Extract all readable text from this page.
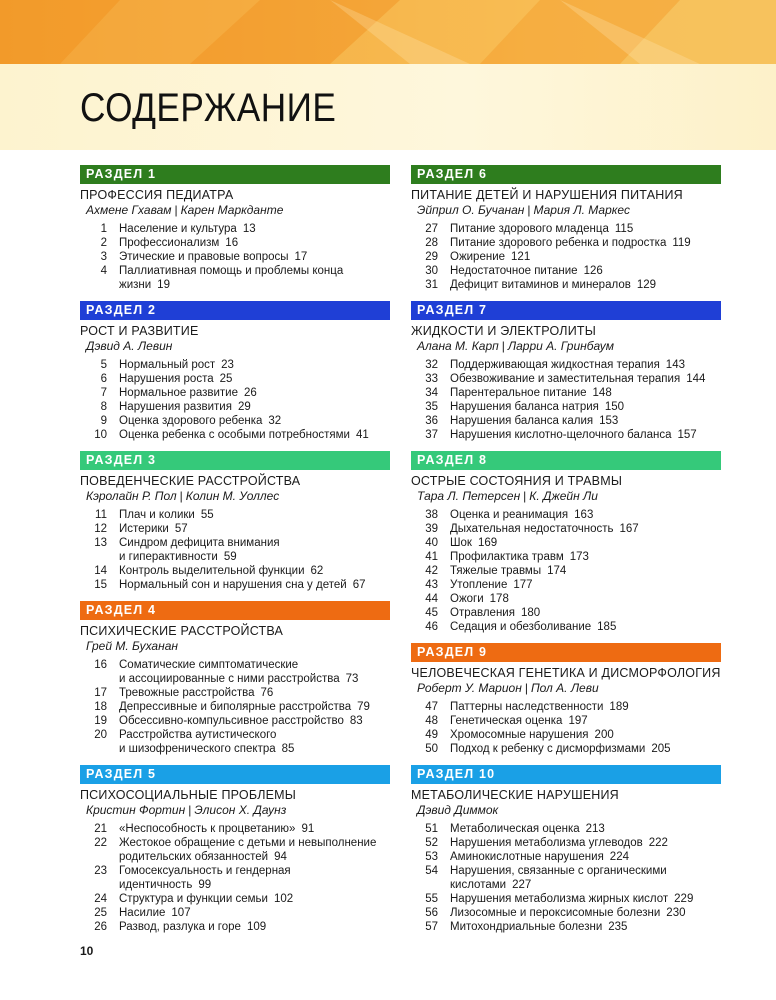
СОДЕРЖАНИЕ
РАЗДЕЛ 1
ПРОФЕССИЯ ПЕДИАТРА
Ахмене Гхавам | Карен Маркданте
1	Население и культура 13
2	Профессионализм 16
3	Этические и правовые вопросы 17
4	Паллиативная помощь и проблемы конца
жизни 19
РАЗДЕЛ 2
РОСТ И РАЗВИТИЕ
Дэвид А. Левин
5	Нормальный рост 23
6	Нарушения роста 25
7	Нормальное развитие 26
8	Нарушения развития 29
9	Оценка здорового ребенка 32
10	Оценка ребенка с особыми потребностями 41
РАЗДЕЛ 3
ПОВЕДЕНЧЕСКИЕ РАССТРОЙСТВА
Кэролайн Р. Пол | Колин М. Уоллес
11	Плач и колики 55
12	Истерики 57
13	Синдром дефицита внимания
и гиперактивности 59
14	Контроль выделительной функции 62
15	Нормальный сон и нарушения сна у детей 67
РАЗДЕЛ 4
ПСИХИЧЕСКИЕ РАССТРОЙСТВА
Грей М. Буханан
16	Соматические симптоматические
и ассоциированные с ними расстройства 73
17	Тревожные расстройства 76
18	Депрессивные и биполярные расстройства 79
19	Обсессивно-компульсивное расстройство 83
20	Расстройства аутистического
и шизофренического спектра 85
РАЗДЕЛ 5
ПСИХОСОЦИАЛЬНЫЕ ПРОБЛЕМЫ
Кристин Фортин | Элисон Х. Даунз
21	«Неспособность к процветанию» 91
22	Жестокое обращение с детьми и невыполнение
родительских обязанностей 94
23	Гомосексуальность и гендерная
идентичность 99
24	Структура и функции семьи 102
25	Насилие 107
26	Развод, разлука и горе 109
РАЗДЕЛ 6
ПИТАНИЕ ДЕТЕЙ И НАРУШЕНИЯ ПИТАНИЯ
Эйприл О. Бучанан | Мария Л. Маркес
27	Питание здорового младенца 115
28	Питание здорового ребенка и подростка 119
29	Ожирение 121
30	Недостаточное питание 126
31	Дефицит витаминов и минералов 129
РАЗДЕЛ 7
ЖИДКОСТИ И ЭЛЕКТРОЛИТЫ
Алана М. Карп | Ларри А. Гринбаум
32	Поддерживающая жидкостная терапия 143
33	Обезвоживание и заместительная терапия 144
34	Парентеральное питание 148
35	Нарушения баланса натрия 150
36	Нарушения баланса калия 153
37	Нарушения кислотно-щелочного баланса 157
РАЗДЕЛ 8
ОСТРЫЕ СОСТОЯНИЯ И ТРАВМЫ
Тара Л. Петерсен | К. Джейн Ли
38	Оценка и реанимация 163
39	Дыхательная недостаточность 167
40	Шок 169
41	Профилактика травм 173
42	Тяжелые травмы 174
43	Утопление 177
44	Ожоги 178
45	Отравления 180
46	Седация и обезболивание 185
РАЗДЕЛ 9
ЧЕЛОВЕЧЕСКАЯ ГЕНЕТИКА И ДИСМОРФОЛОГИЯ
Роберт У. Марион | Пол А. Леви
47	Паттерны наследственности 189
48	Генетическая оценка 197
49	Хромосомные нарушения 200
50	Подход к ребенку с дисморфизмами 205
РАЗДЕЛ 10
МЕТАБОЛИЧЕСКИЕ НАРУШЕНИЯ
Дэвид Диммок
51	Метаболическая оценка 213
52	Нарушения метаболизма углеводов 222
53	Аминокислотные нарушения 224
54	Нарушения, связанные с органическими
кислотами 227
55	Нарушения метаболизма жирных кислот 229
56	Лизосомные и пероксисомные болезни 230
57	Митохондриальные болезни 235
10
